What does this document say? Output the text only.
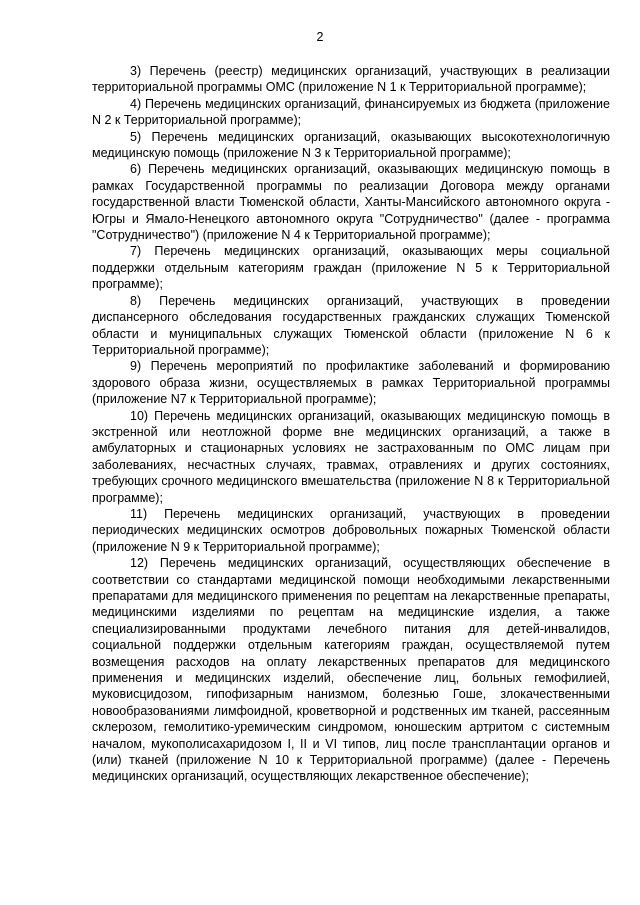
2

3) Перечень (реестр) медицинских организаций, участвующих в реализации территориальной программы ОМС (приложение N 1 к Территориальной программе);

4) Перечень медицинских организаций, финансируемых из бюджета (приложение N 2 к Территориальной программе);

5) Перечень медицинских организаций, оказывающих высокотехнологичную медицинскую помощь (приложение N 3 к Территориальной программе);

6) Перечень медицинских организаций, оказывающих медицинскую помощь в рамках Государственной программы по реализации Договора между органами государственной власти Тюменской области, Ханты-Мансийского автономного округа - Югры и Ямало-Ненецкого автономного округа "Сотрудничество" (далее - программа "Сотрудничество") (приложение N 4 к Территориальной программе);

7) Перечень медицинских организаций, оказывающих меры социальной поддержки отдельным категориям граждан (приложение N 5 к Территориальной программе);

8) Перечень медицинских организаций, участвующих в проведении диспансерного обследования государственных гражданских служащих Тюменской области и муниципальных служащих Тюменской области (приложение N 6 к Территориальной программе);

9) Перечень мероприятий по профилактике заболеваний и формированию здорового образа жизни, осуществляемых в рамках Территориальной программы (приложение N7 к Территориальной программе);

10) Перечень медицинских организаций, оказывающих медицинскую помощь в экстренной или неотложной форме вне медицинских организаций, а также в амбулаторных и стационарных условиях не застрахованным по ОМС лицам при заболеваниях, несчастных случаях, травмах, отравлениях и других состояниях, требующих срочного медицинского вмешательства (приложение N 8 к Территориальной программе);

11) Перечень медицинских организаций, участвующих в проведении периодических медицинских осмотров добровольных пожарных Тюменской области (приложение N 9 к Территориальной программе);

12) Перечень медицинских организаций, осуществляющих обеспечение в соответствии со стандартами медицинской помощи необходимыми лекарственными препаратами для медицинского применения по рецептам на лекарственные препараты, медицинскими изделиями по рецептам на медицинские изделия, а также специализированными продуктами лечебного питания для детей-инвалидов, социальной поддержки отдельным категориям граждан, осуществляемой путем возмещения расходов на оплату лекарственных препаратов для медицинского применения и медицинских изделий, обеспечение лиц, больных гемофилией, муковисцидозом, гипофизарным нанизмом, болезнью Гоше, злокачественными новообразованиями лимфоидной, кроветворной и родственных им тканей, рассеянным склерозом, гемолитико-уремическим синдромом, юношеским артритом с системным началом, мукополисахаридозом I, II и VI типов, лиц после трансплантации органов и (или) тканей (приложение N 10 к Территориальной программе) (далее - Перечень медицинских организаций, осуществляющих лекарственное обеспечение);
